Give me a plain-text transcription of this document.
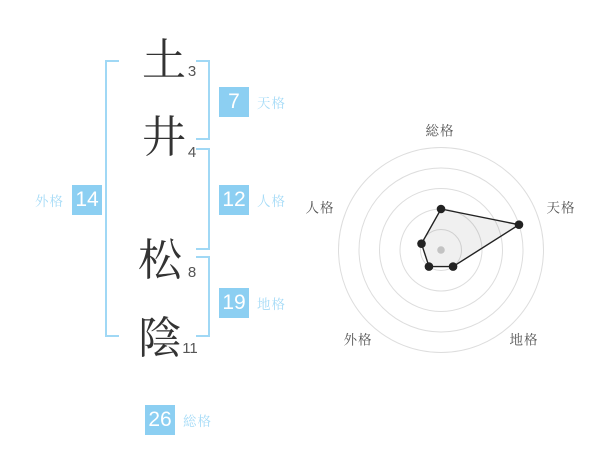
土
井
松
陰
3
4
8
11
7	天格
12 人格
19 地格
外格 14
26 総格
総格
天格
地格
外格
人格
